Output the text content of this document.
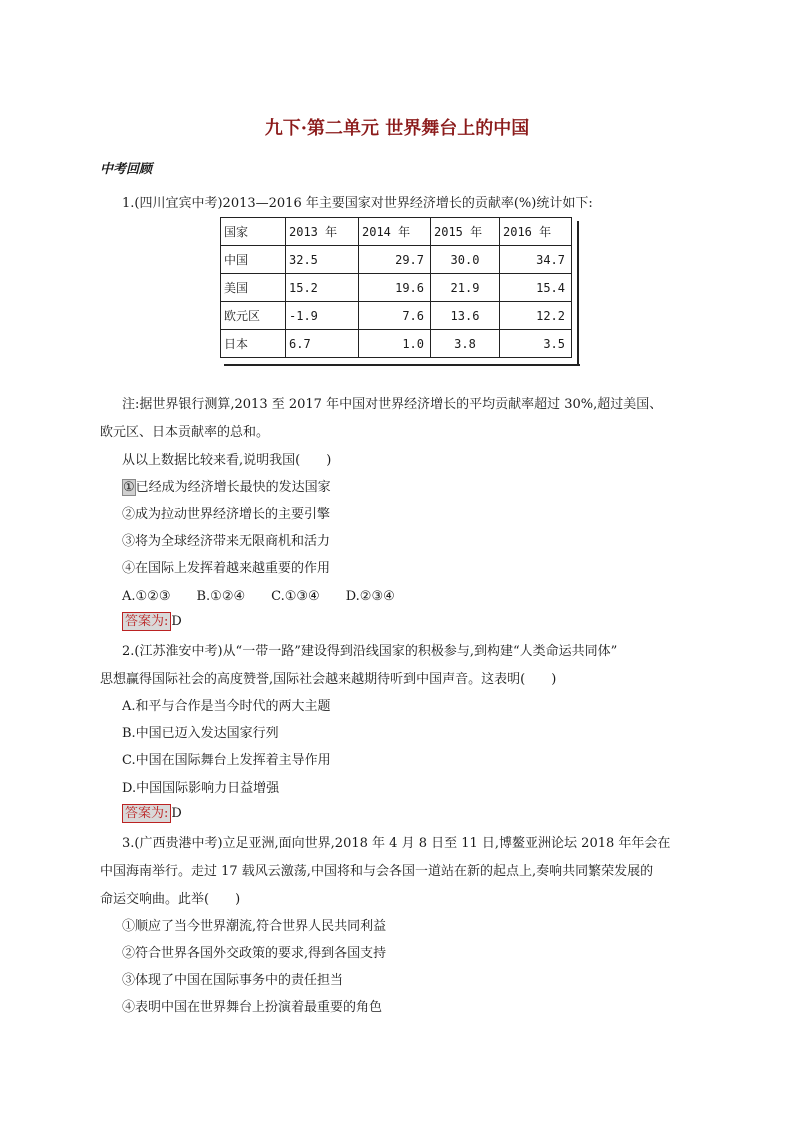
九下·第二单元 世界舞台上的中国
中考回顾
1.(四川宜宾中考)2013—2016 年主要国家对世界经济增长的贡献率(%)统计如下:
国家	2013 年	2014 年	2015 年	2016 年
中国	32.5	29.7	30.0	34.7
美国	15.2	19.6	21.9	15.4
欧元区	-1.9	7.6	13.6	12.2
日本	6.7	1.0	3.8	3.5
注:据世界银行测算,2013 至 2017 年中国对世界经济增长的平均贡献率超过 30%,超过美国、
欧元区、日本贡献率的总和。
从以上数据比较来看,说明我国(　　)
①已经成为经济增长最快的发达国家
②成为拉动世界经济增长的主要引擎
③将为全球经济带来无限商机和活力
④在国际上发挥着越来越重要的作用
A.①②③　　B.①②④　　C.①③④　　D.②③④
答案为: D
2.(江苏淮安中考)从“一带一路”建设得到沿线国家的积极参与,到构建“人类命运共同体”
思想赢得国际社会的高度赞誉,国际社会越来越期待听到中国声音。这表明(　　)
A.和平与合作是当今时代的两大主题
B.中国已迈入发达国家行列
C.中国在国际舞台上发挥着主导作用
D.中国国际影响力日益增强
答案为: D
3.(广西贵港中考)立足亚洲,面向世界,2018 年 4 月 8 日至 11 日,博鳌亚洲论坛 2018 年年会在
中国海南举行。走过 17 载风云激荡,中国将和与会各国一道站在新的起点上,奏响共同繁荣发展的
命运交响曲。此举(　　)
①顺应了当今世界潮流,符合世界人民共同利益
②符合世界各国外交政策的要求,得到各国支持
③体现了中国在国际事务中的责任担当
④表明中国在世界舞台上扮演着最重要的角色
